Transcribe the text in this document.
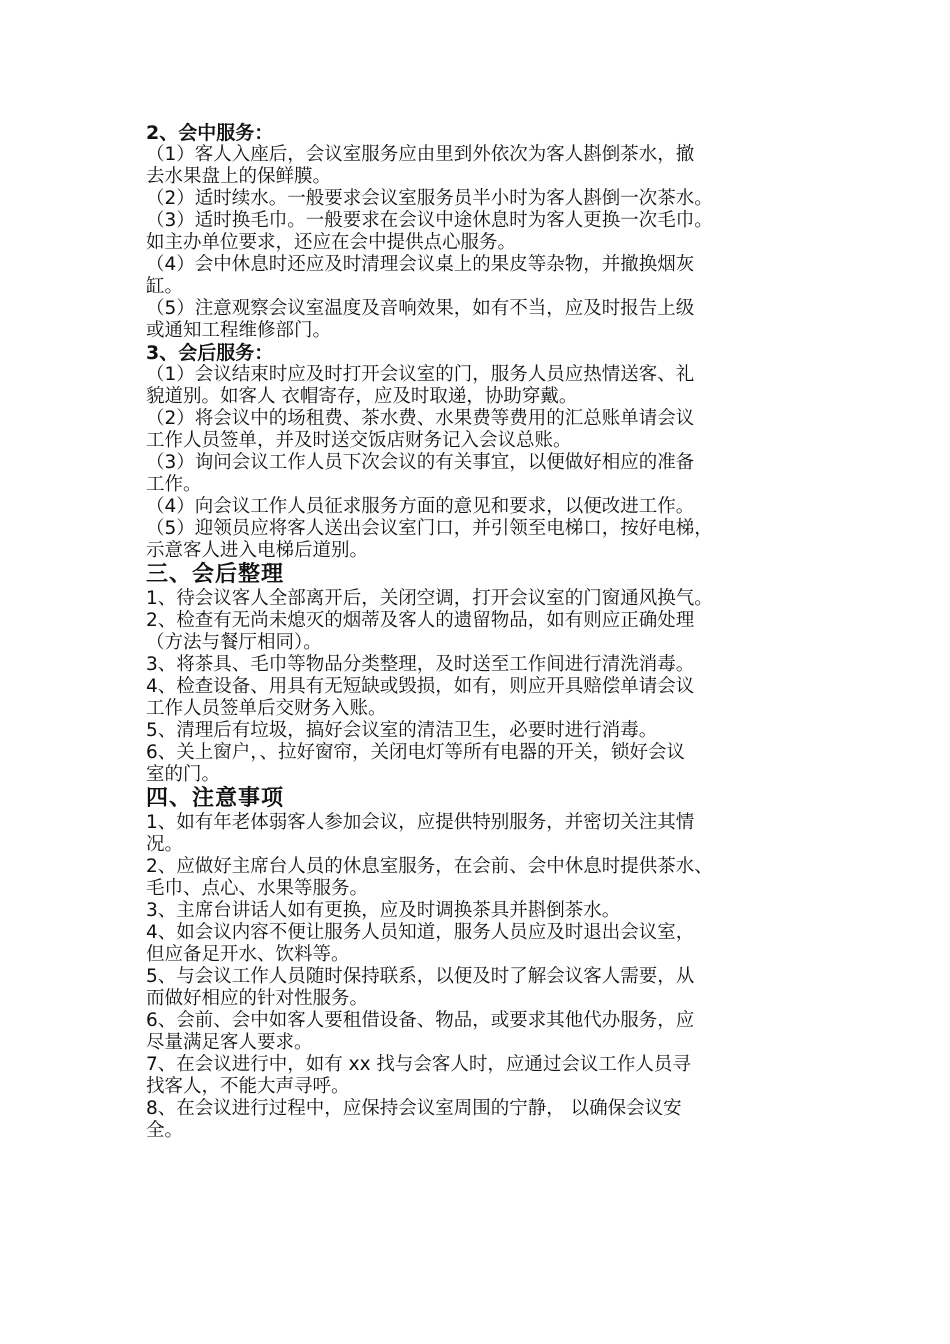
2、会中服务：

（1）客人入座后，会议室服务应由里到外依次为客人斟倒茶水，撤
去水果盘上的保鲜膜。

（2）适时续水。一般要求会议室服务员半小时为客人斟倒一次茶水。

（3）适时换毛巾。一般要求在会议中途休息时为客人更换一次毛巾。
如主办单位要求，还应在会中提供点心服务。

（4）会中休息时还应及时清理会议桌上的果皮等杂物，并撤换烟灰
缸。

（5）注意观察会议室温度及音响效果，如有不当，应及时报告上级
或通知工程维修部门。

3、会后服务：

（1）会议结束时应及时打开会议室的门，服务人员应热情送客、礼
貌道别。如客人 衣帽寄存，应及时取递，协助穿戴。

（2）将会议中的场租费、茶水费、水果费等费用的汇总账单请会议
工作人员签单，并及时送交饭店财务记入会议总账。

（3）询问会议工作人员下次会议的有关事宜，以便做好相应的准备
工作。

（4）向会议工作人员征求服务方面的意见和要求，以便改进工作。

（5）迎领员应将客人送出会议室门口，并引领至电梯口，按好电梯，
示意客人进入电梯后道别。

三、会后整理

1、待会议客人全部离开后，关闭空调，打开会议室的门窗通风换气。

2、检查有无尚未熄灭的烟蒂及客人的遗留物品，如有则应正确处理
（方法与餐厅相同）。

3、将茶具、毛巾等物品分类整理，及时送至工作间进行清洗消毒。

4、检查设备、用具有无短缺或毁损，如有，则应开具赔偿单请会议
工作人员签单后交财务入账。

5、清理后有垃圾，搞好会议室的清洁卫生，必要时进行消毒。

6、关上窗户，、拉好窗帘，关闭电灯等所有电器的开关，锁好会议
室的门。

四、注意事项

1、如有年老体弱客人参加会议，应提供特别服务，并密切关注其情
况。

2、应做好主席台人员的休息室服务，在会前、会中休息时提供茶水、
毛巾、点心、水果等服务。

3、主席台讲话人如有更换，应及时调换茶具并斟倒茶水。

4、如会议内容不便让服务人员知道，服务人员应及时退出会议室，
但应备足开水、饮料等。

5、与会议工作人员随时保持联系，以便及时了解会议客人需要，从
而做好相应的针对性服务。

6、会前、会中如客人要租借设备、物品，或要求其他代办服务，应
尽量满足客人要求。

7、在会议进行中，如有 xx 找与会客人时，应通过会议工作人员寻
找客人，不能大声寻呼。

8、在会议进行过程中，应保持会议室周围的宁静， 以确保会议安
全。
